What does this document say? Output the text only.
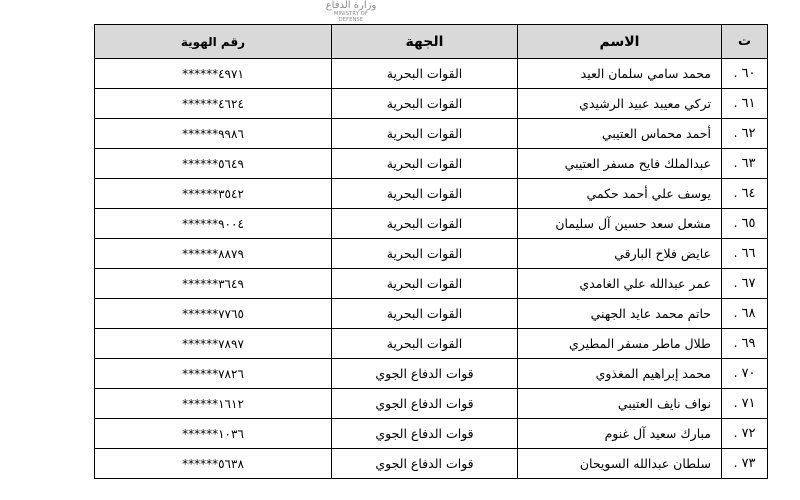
وزارة الدفاع
MINISTRY OF DEFENSE
ت	الاسم	الجهة	رقم الهوية
٦٠.	محمد سامي سلمان العيد	القوات البحرية	******٤٩٧١
٦١.	تركي معيبد عبيد الرشيدي	القوات البحرية	******٤٦٢٤
٦٢.	أحمد محماس العتيبي	القوات البحرية	******٩٩٨٦
٦٣.	عبدالملك فايح مسفر العتيبي	القوات البحرية	******٥٦٤٩
٦٤.	يوسف علي أحمد حكمي	القوات البحرية	******٣٥٤٢
٦٥.	مشعل سعد حسين آل سليمان	القوات البحرية	******٩٠٠٤
٦٦.	عايض فلاح البارقي	القوات البحرية	******٨٨٧٩
٦٧.	عمر عبدالله علي الغامدي	القوات البحرية	******٣٦٤٩
٦٨.	حاتم محمد عايد الجهني	القوات البحرية	******٧٧٦٥
٦٩.	طلال ماطر مسفر المطيري	القوات البحرية	******٧٨٩٧
٧٠.	محمد إبراهيم المغذوي	قوات الدفاع الجوي	******٧٨٢٦
٧١.	نواف نايف العتيبي	قوات الدفاع الجوي	******١٦١٢
٧٢.	مبارك سعيد آل غنوم	قوات الدفاع الجوي	******١٠٣٦
٧٣.	سلطان عبدالله السويحان	قوات الدفاع الجوي	******٥٦٣٨
